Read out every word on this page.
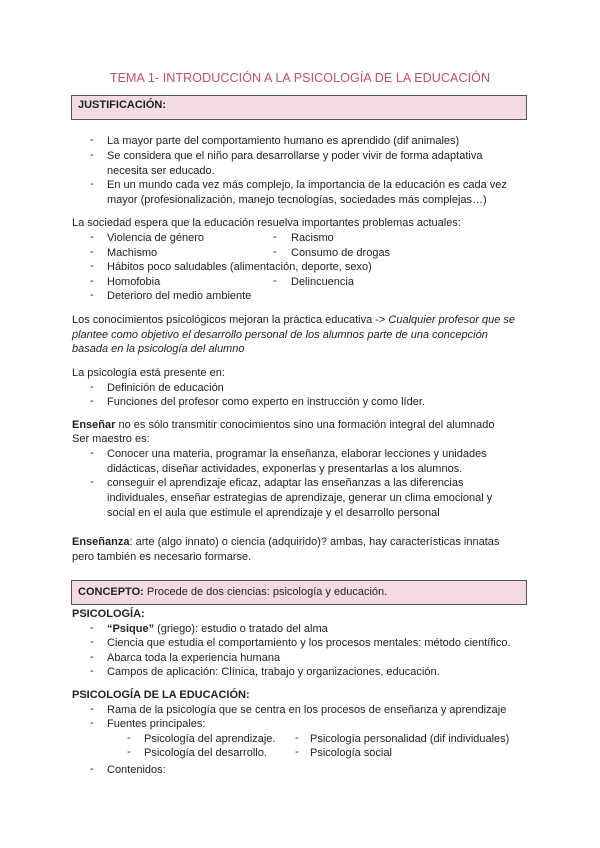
TEMA 1- INTRODUCCIÓN A LA PSICOLOGÍA DE LA EDUCACIÓN
JUSTIFICACIÓN:
- La mayor parte del comportamiento humano es aprendido (dif animales)
- Se considera que el niño para desarrollarse y poder vivir de forma adaptativa
necesita ser educado.
- En un mundo cada vez más complejo, la importancia de la educación es cada vez
mayor (profesionalización, manejo tecnologías, sociedades más complejas…)
La sociedad espera que la educación resuelva importantes problemas actuales:
- Violencia de género	- Racismo
- Machismo	- Consumo de drogas
- Hábitos poco saludables (alimentación, deporte, sexo)
- Homofobia	- Delincuencia
- Deterioro del medio ambiente
Los conocimientos psicológicos mejoran la práctica educativa -> Cualquier profesor que se
plantee como objetivo el desarrollo personal de los alumnos parte de una concepción
basada en la psicología del alumno
La psicología está presente en:
- Definición de educación
- Funciones del profesor como experto en instrucción y como líder.
Enseñar no es sólo transmitir conocimientos sino una formación integral del alumnado
Ser maestro es:
- Conocer una materia, programar la enseñanza, elaborar lecciones y unidades
didácticas, diseñar actividades, exponerlas y presentarlas a los alumnos.
- conseguir el aprendizaje eficaz, adaptar las enseñanzas a las diferencias
individuales, enseñar estrategias de aprendizaje, generar un clima emocional y
social en el aula que estimule el aprendizaje y el desarrollo personal
Enseñanza: arte (algo innato) o ciencia (adquirido)? ambas, hay características innatas
pero también es necesario formarse.
CONCEPTO: Procede de dos ciencias: psicología y educación.
PSICOLOGÍA:
- “Psique” (griego): estudio o tratado del alma
- Ciencia que estudia el comportamiento y los procesos mentales: método científico.
- Abarca toda la experiencia humana
- Campos de aplicación: Clínica, trabajo y organizaciones, educación.
PSICOLOGÍA DE LA EDUCACIÓN:
- Rama de la psicología que se centra en los procesos de enseñanza y aprendizaje
- Fuentes principales:
- Psicología del aprendizaje. - Psicología personalidad (dif individuales)
- Psicología del desarrollo.	- Psicología social
- Contenidos:
